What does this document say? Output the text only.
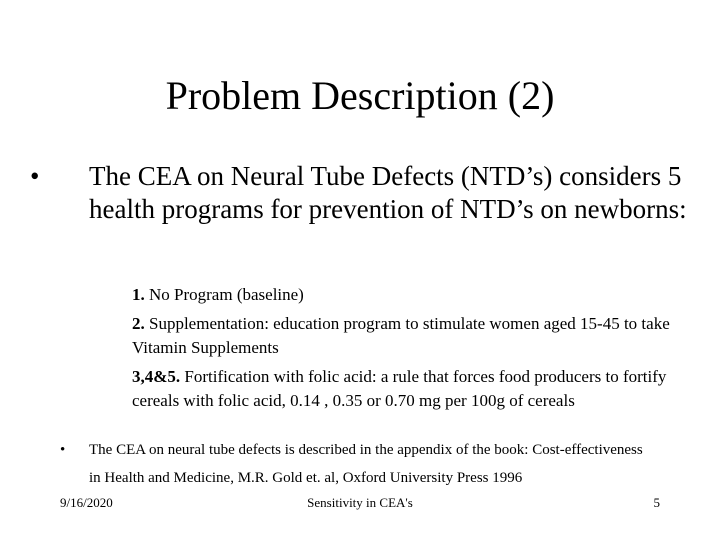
Problem Description (2)
• The CEA on Neural Tube Defects (NTD’s) considers 5 health programs for prevention of NTD’s on newborns:
1. No Program (baseline)
2. Supplementation: education program to stimulate women aged 15-45 to take Vitamin Supplements
3,4&5. Fortification with folic acid: a rule that forces food producers to fortify cereals with folic acid, 0.14 , 0.35 or 0.70 mg per 100g of cereals
• The CEA on neural tube defects is described in the appendix of the book: Cost-effectiveness in Health and Medicine, M.R. Gold et. al, Oxford University Press 1996
9/16/2020	Sensitivity in CEA's	5
